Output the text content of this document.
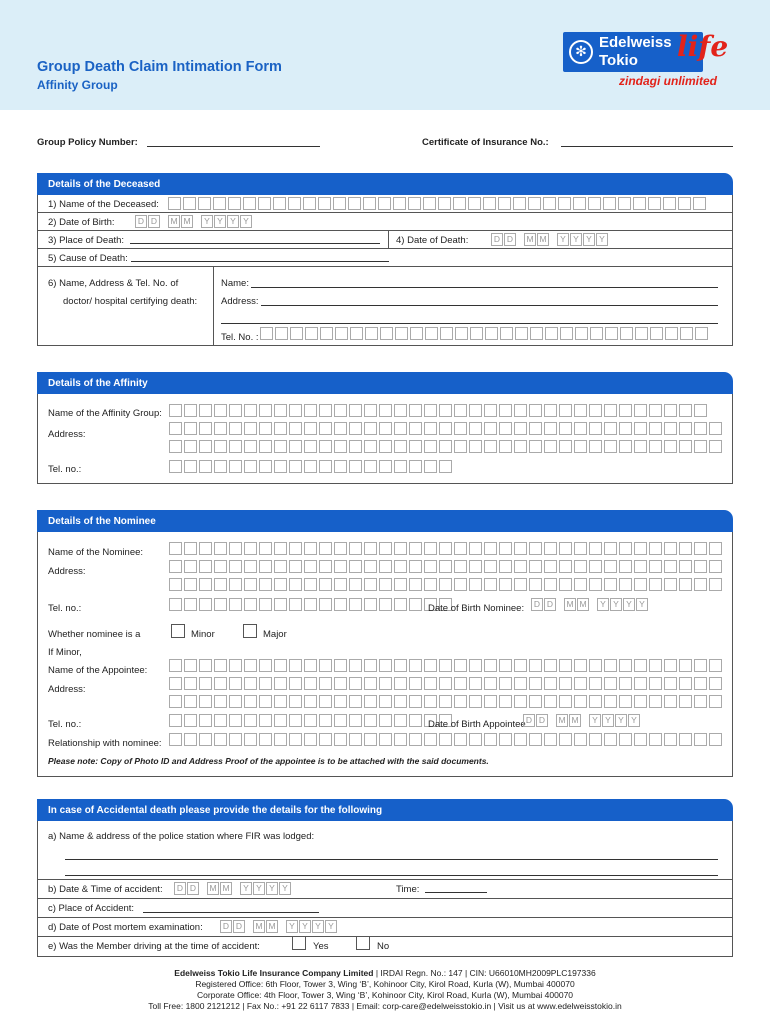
Group Death Claim Intimation Form
Affinity Group
✻ Edelweiss
Tokio life
zindagi unlimited
Group Policy Number:	Certificate of Insurance No.:
Details of the Deceased
1) Name of the Deceased:
2) Date of Birth:	D D	M M	Y Y Y Y
3) Place of Death:	4) Date of Death:	D D	M M	Y Y Y Y
5) Cause of Death:
6) Name, Address & Tel. No. of
doctor/ hospital certifying death:
Name:
Address:
Tel. No. :
Details of the Affinity
Name of the Affinity Group:
Address:
Tel. no.:
Details of the Nominee
Name of the Nominee:
Address:
Tel. no.:	Date of Birth Nominee:	D D	M M	Y Y Y Y
Whether nominee is a	Minor	Major
If Minor,
Name of the Appointee:
Address:
Tel. no.:	Date of Birth Appointee:
D D	M M	Y Y Y Y
Relationship with nominee:
Please note: Copy of Photo ID and Address Proof of the appointee is to be attached with the said documents.
In case of Accidental death please provide the details for the following
a) Name & address of the police station where FIR was lodged:
b) Date & Time of accident:	D D	M M	Y Y Y Y	Time:
c) Place of Accident:
d) Date of Post mortem examination:	D D	M M	Y Y Y Y
e) Was the Member driving at the time of accident:	Yes	No
Edelweiss Tokio Life Insurance Company Limited | IRDAI Regn. No.: 147 | CIN: U66010MH2009PLC197336
Registered Office: 6th Floor, Tower 3, Wing ‘B’, Kohinoor City, Kirol Road, Kurla (W), Mumbai 400070
Corporate Office: 4th Floor, Tower 3, Wing ‘B’, Kohinoor City, Kirol Road, Kurla (W), Mumbai 400070
Toll Free: 1800 2121212 | Fax No.: +91 22 6117 7833 | Email: corp-care@edelweisstokio.in | Visit us at www.edelweisstokio.in
